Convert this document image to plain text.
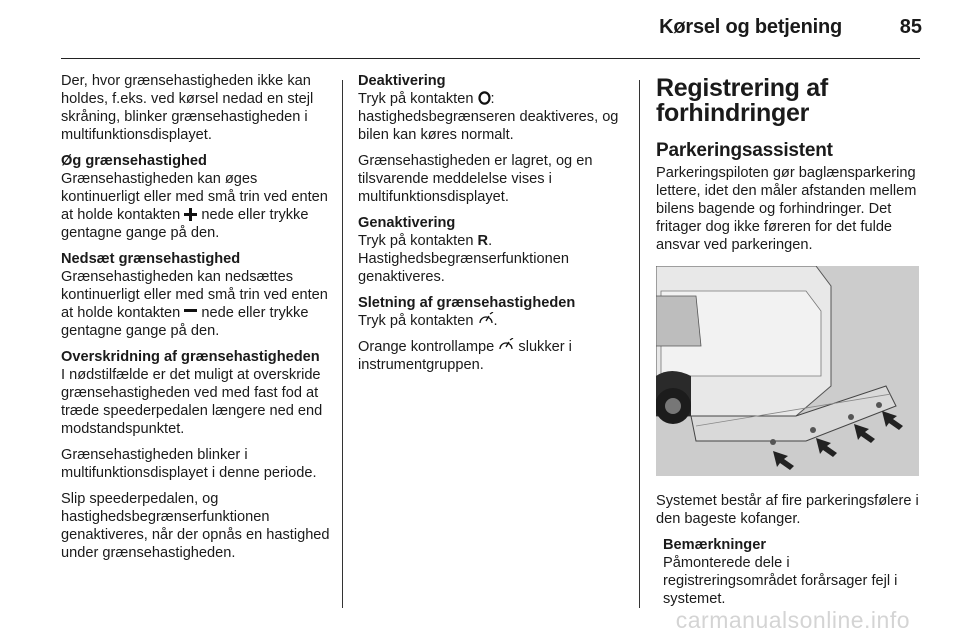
Kørsel og betjening	85

Der, hvor grænsehastigheden ikke kan holdes, f.eks. ved kørsel nedad en stejl skråning, blinker grænsehastigheden i multifunktionsdisplayet.

Øg grænsehastighed

Grænsehastigheden kan øges kontinuerligt eller med små trin ved enten at holde kontakten  nede eller trykke gentagne gange på den.

Nedsæt grænsehastighed

Grænsehastigheden kan nedsættes kontinuerligt eller med små trin ved enten at holde kontakten  nede eller trykke gentagne gange på den.

Overskridning af grænsehastigheden

I nødstilfælde er det muligt at overskride grænsehastigheden ved med fast fod at træde speederpedalen længere ned end modstandspunktet.

Grænsehastigheden blinker i multifunktionsdisplayet i denne periode.

Slip speederpedalen, og hastighedsbegrænserfunktionen genaktiveres, når der opnås en hastighed under grænsehastigheden.

Deaktivering

Tryk på kontakten : hastighedsbegrænseren deaktiveres, og bilen kan køres normalt.

Grænsehastigheden er lagret, og en tilsvarende meddelelse vises i multifunktionsdisplayet.

Genaktivering

Tryk på kontakten R. Hastighedsbegrænserfunktionen genaktiveres.

Sletning af grænsehastigheden

Tryk på kontakten .

Orange kontrollampe  slukker i instrumentgruppen.

Registrering af forhindringer
Parkeringsassistent

Parkeringspiloten gør baglænsparkering lettere, idet den måler afstanden mellem bilens bagende og forhindringer. Det fritager dog ikke føreren for det fulde ansvar ved parkeringen.

Systemet består af fire parkeringsfølere i den bageste kofanger.

Bemærkninger

Påmonterede dele i registreringsområdet forårsager fejl i systemet.

carmanualsonline.info
